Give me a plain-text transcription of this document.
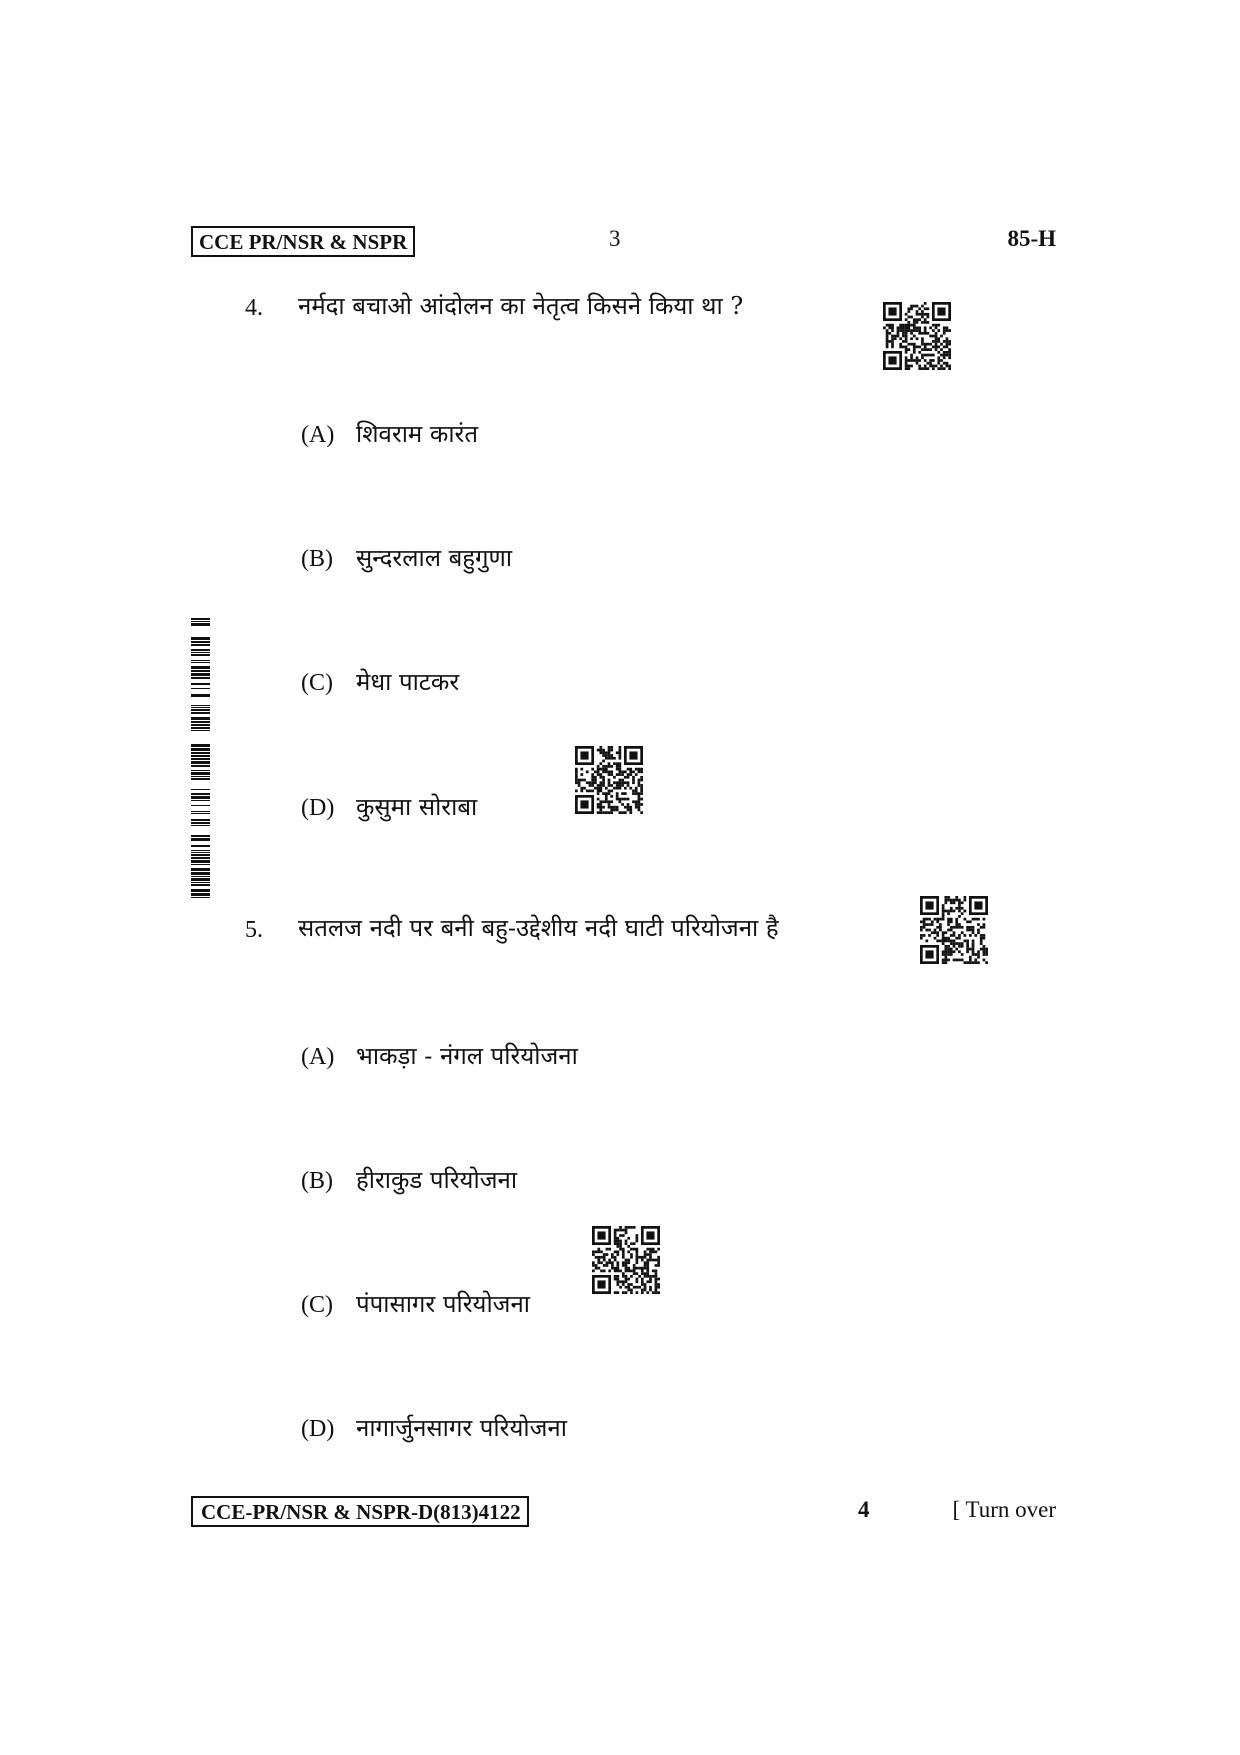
CCE PR/NSR & NSPR	3	85-H
4. नर्मदा बचाओ आंदोलन का नेतृत्व किसने किया था ?
(A) शिवराम कारंत
(B) सुन्दरलाल बहुगुणा
(C) मेधा पाटकर
(D) कुसुमा सोराबा
5. सतलज नदी पर बनी बहु-उद्देशीय नदी घाटी परियोजना है
(A) भाकड़ा - नंगल परियोजना
(B) हीराकुड परियोजना
(C) पंपासागर परियोजना
(D) नागार्जुनसागर परियोजना
CCE-PR/NSR & NSPR-D(813)4122	4	[ Turn over
